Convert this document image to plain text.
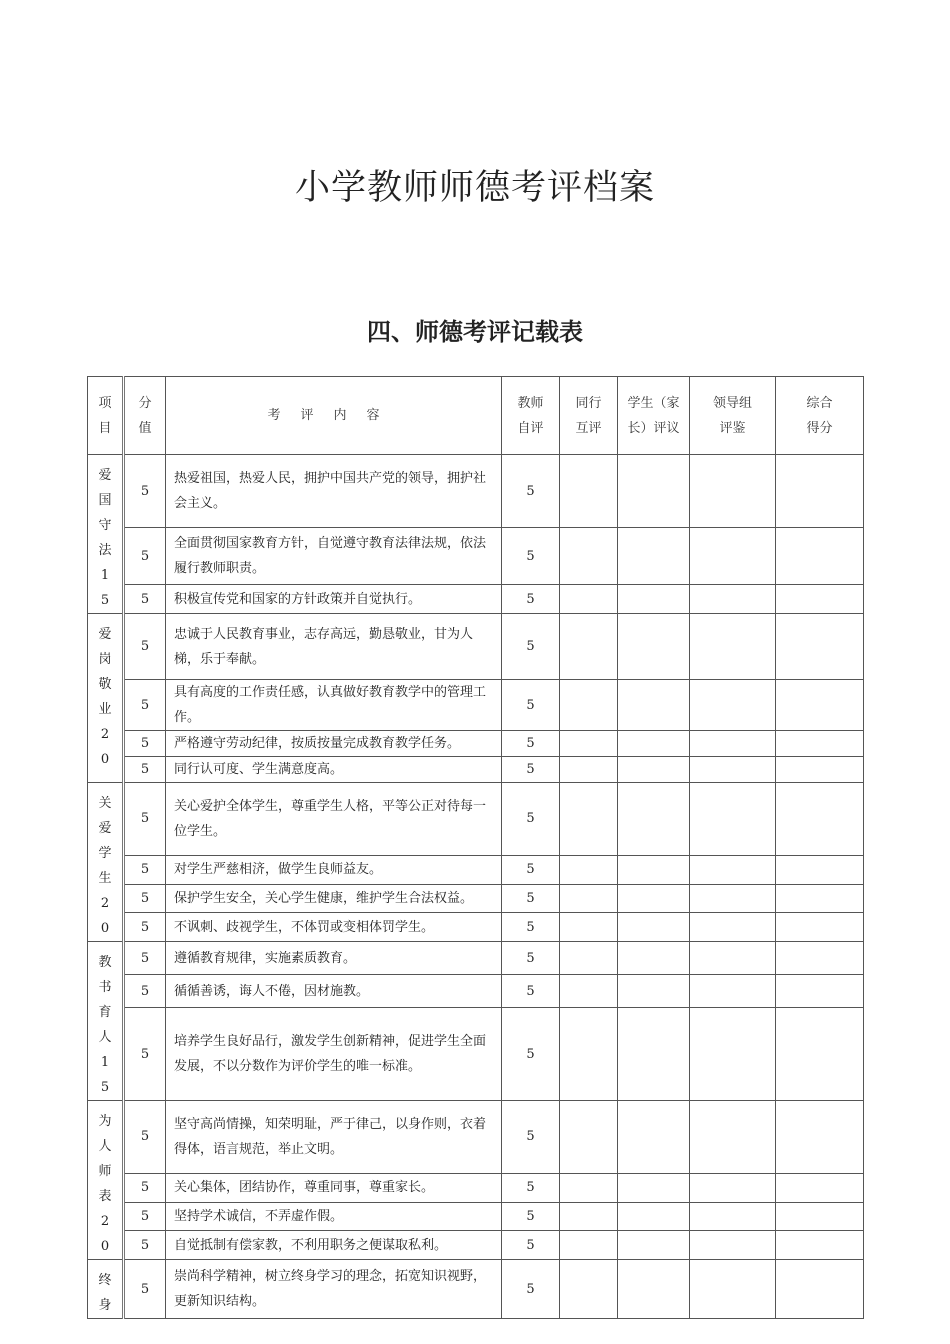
小学教师师德考评档案
四、师德考评记载表
项目	分值	考评内容	教师自评	同行互评	学生（家长）评议	领导组评鉴	综合得分
爱国守法15	5	热爱祖国，热爱人民，拥护中国共产党的领导，拥护社会主义。	5				
	5	全面贯彻国家教育方针，自觉遵守教育法律法规，依法履行教师职责。	5				
	5	积极宣传党和国家的方针政策并自觉执行。	5				
爱岗敬业20	5	忠诚于人民教育事业，志存高远，勤恳敬业，甘为人梯，乐于奉献。	5				
	5	具有高度的工作责任感，认真做好教育教学中的管理工作。	5				
	5	严格遵守劳动纪律，按质按量完成教育教学任务。	5				
	5	同行认可度、学生满意度高。	5				
关爱学生20	5	关心爱护全体学生，尊重学生人格，平等公正对待每一位学生。	5				
	5	对学生严慈相济，做学生良师益友。	5				
	5	保护学生安全，关心学生健康，维护学生合法权益。	5				
	5	不讽刺、歧视学生，不体罚或变相体罚学生。	5				
教书育人15	5	遵循教育规律，实施素质教育。	5				
	5	循循善诱，诲人不倦，因材施教。	5				
	5	培养学生良好品行，激发学生创新精神，促进学生全面发展，不以分数作为评价学生的唯一标准。	5				
为人师表20	5	坚守高尚情操，知荣明耻，严于律己，以身作则，衣着得体，语言规范，举止文明。	5				
	5	关心集体，团结协作，尊重同事，尊重家长。	5				
	5	坚持学术诚信，不弄虚作假。	5				
	5	自觉抵制有偿家教，不利用职务之便谋取私利。	5				
终身	5	崇尚科学精神，树立终身学习的理念，拓宽知识视野，更新知识结构。	5				
